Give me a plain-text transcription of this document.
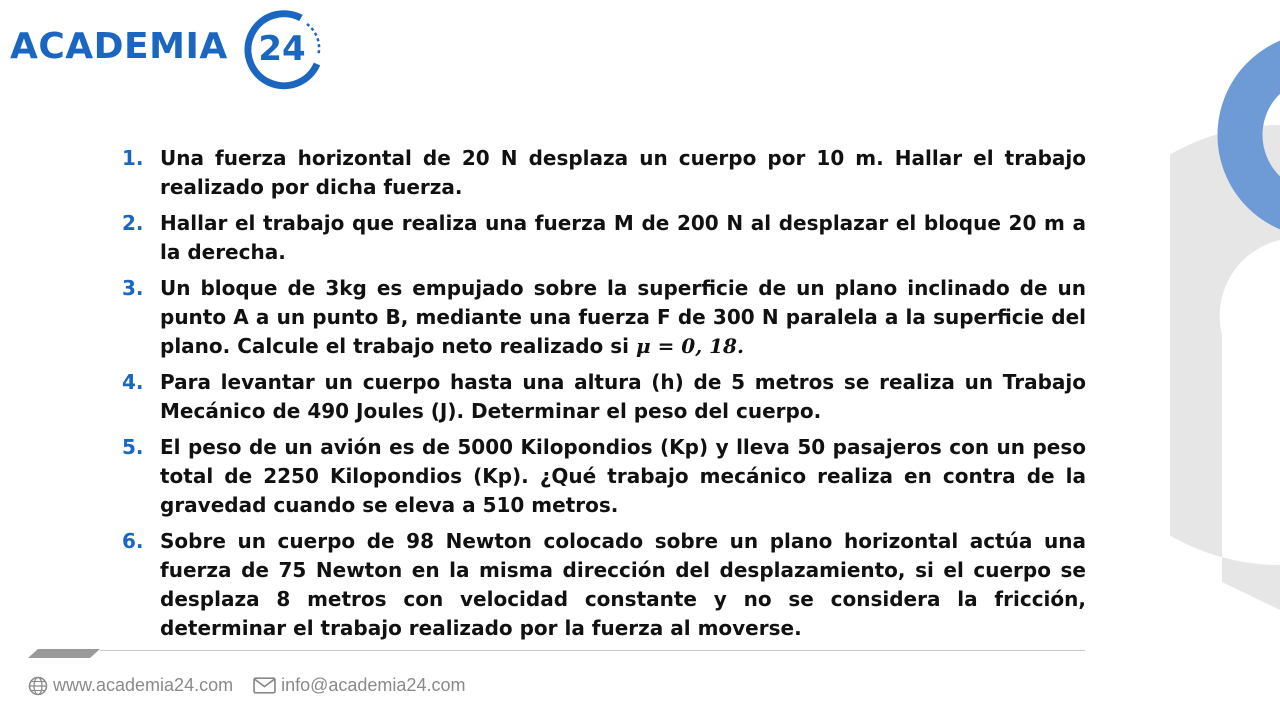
ACADEMIA 24
1. Una fuerza horizontal de 20 N desplaza un cuerpo por 10 m. Hallar el trabajo realizado por dicha fuerza.
2. Hallar el trabajo que realiza una fuerza M de 200 N al desplazar el bloque 20 m a la derecha.
3. Un bloque de 3kg es empujado sobre la superficie de un plano inclinado de un punto A a un punto B, mediante una fuerza F de 300 N paralela a la superficie del plano. Calcule el trabajo neto realizado si μ = 0, 18.
4. Para levantar un cuerpo hasta una altura (h) de 5 metros se realiza un Trabajo Mecánico de 490 Joules (J). Determinar el peso del cuerpo.
5. El peso de un avión es de 5000 Kilopondios (Kp) y lleva 50 pasajeros con un peso total de 2250 Kilopondios (Kp). ¿Qué trabajo mecánico realiza en contra de la gravedad cuando se eleva a 510 metros.
6. Sobre un cuerpo de 98 Newton colocado sobre un plano horizontal actúa una fuerza de 75 Newton en la misma dirección del desplazamiento, si el cuerpo se desplaza 8 metros con velocidad constante y no se considera la fricción, determinar el trabajo realizado por la fuerza al moverse.
www.academia24.com	info@academia24.com
